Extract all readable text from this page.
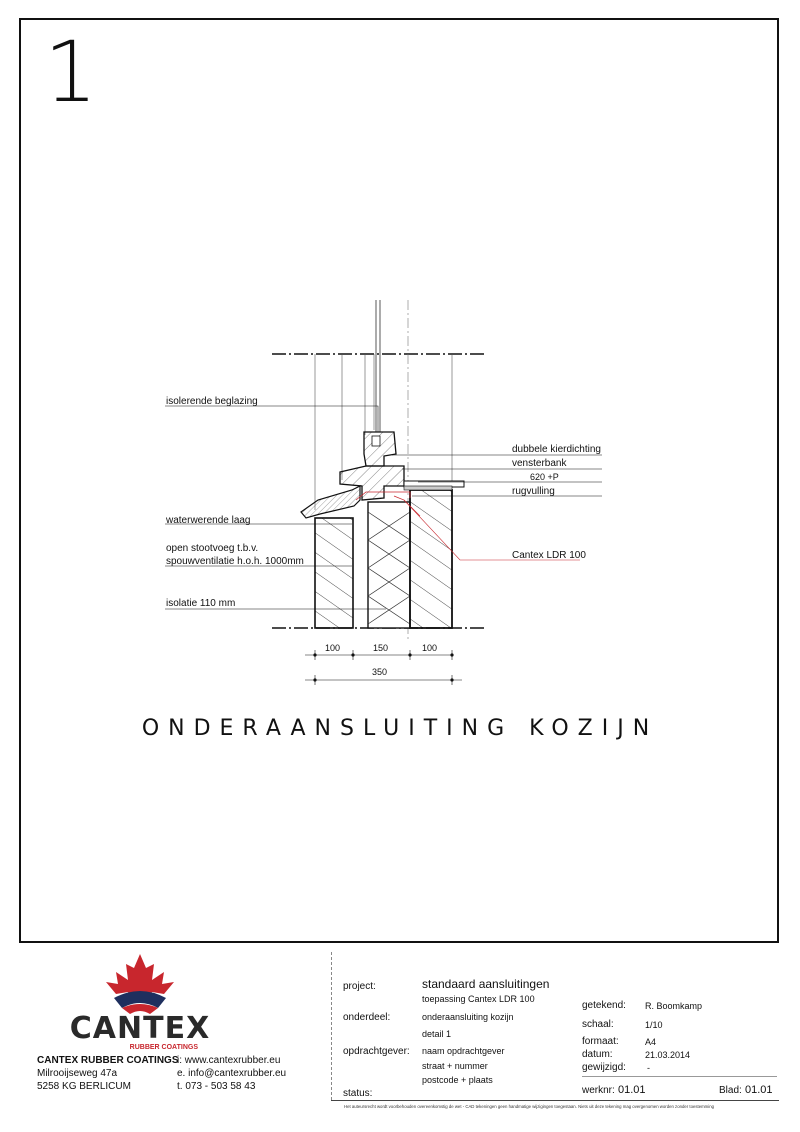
1
isolerende beglazing
dubbele kierdichting
vensterbank
620 +P
rugvulling
waterwerende laag
open stootvoeg t.b.v.
spouwventilatie h.o.h. 1000mm
Cantex LDR 100
isolatie 110 mm
100	150	100
350
ONDERAANSLUITING KOZIJN
CANTEX
RUBBER COATINGS
CANTEX RUBBER COATINGS
Milrooijseweg 47a
5258 KG BERLICUM
i: www.cantexrubber.eu
e. info@cantexrubber.eu
t. 073 - 503 58 43
project:	standaard aansluitingen
toepassing Cantex LDR 100
onderdeel:	onderaansluiting kozijn
detail 1
opdrachtgever: naam opdrachtgever
straat + nummer
postcode + plaats
status:
getekend: R. Boomkamp
schaal:	1/10
formaat:	A4
datum:	21.03.2014
gewijzigd: -
werknr: 01.01	Blad: 01.01
Het auteursrecht wordt voorbehouden overeenkomstig de wet - CAD tekeningen geen handmatige wijzigingen toegestaan. Niets uit deze tekening mag overgenomen worden zonder toestemming
